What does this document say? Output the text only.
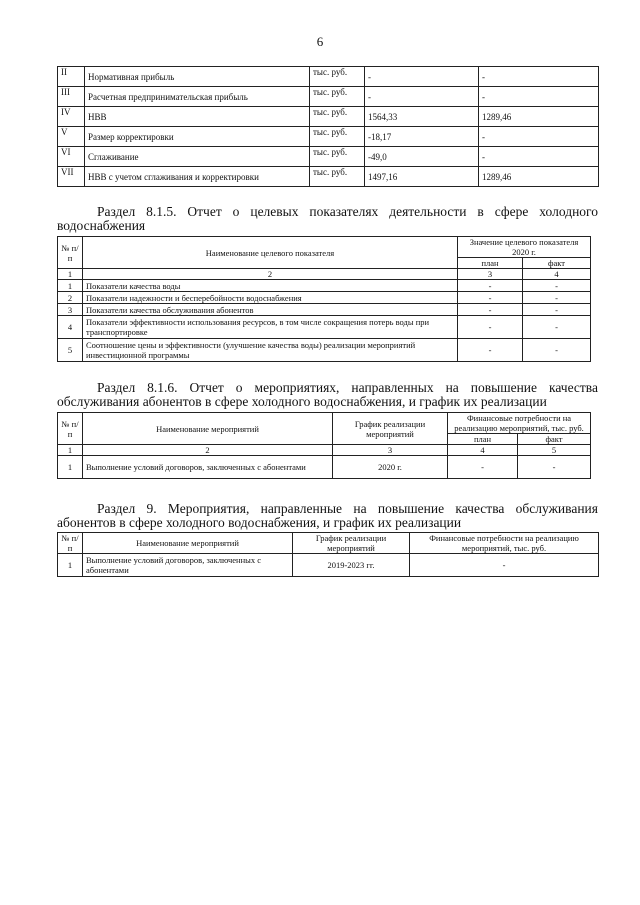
6
II	Нормативная прибыль	тыс. руб.	-	-
III	Расчетная предпринимательская прибыль	тыс. руб.	-	-
IV	НВВ	тыс. руб.	1564,33	1289,46
V	Размер корректировки	тыс. руб.	-18,17	-
VI	Сглаживание	тыс. руб.	-49,0	-
VII	НВВ с учетом сглаживания и корректировки	тыс. руб.	1497,16	1289,46
Раздел 8.1.5. Отчет о целевых показателях деятельности в сфере холодного
водоснабжения
№ п/п	Наименование целевого показателя	Значение целевого показателя 2020 г.	
		план	факт
1	2	3	4
1	Показатели качества воды	-	-
2	Показатели надежности и бесперебойности водоснабжения	-	-
3	Показатели качества обслуживания абонентов	-	-
4	Показатели эффективности использования ресурсов, в том числе сокращения потерь воды при транспортировке	-	-
5	Соотношение цены и эффективности (улучшение качества воды) реализации мероприятий инвестиционной программы	-	-
Раздел 8.1.6. Отчет о мероприятиях, направленных на повышение качества
обслуживания абонентов в сфере холодного водоснабжения, и график их реализации
№ п/п	Наименование мероприятий	График реализации мероприятий	Финансовые потребности на реализацию мероприятий, тыс. руб.	
			план	факт
1	2	3	4	5
1	Выполнение условий договоров, заключенных с абонентами	2020 г.	-	-
Раздел 9. Мероприятия, направленные на повышение качества обслуживания
абонентов в сфере холодного водоснабжения, и график их реализации
№ п/п	Наименование мероприятий	График реализации мероприятий	Финансовые потребности на реализацию мероприятий, тыс. руб.
1	Выполнение условий договоров, заключенных с абонентами	2019-2023 гг.	-
